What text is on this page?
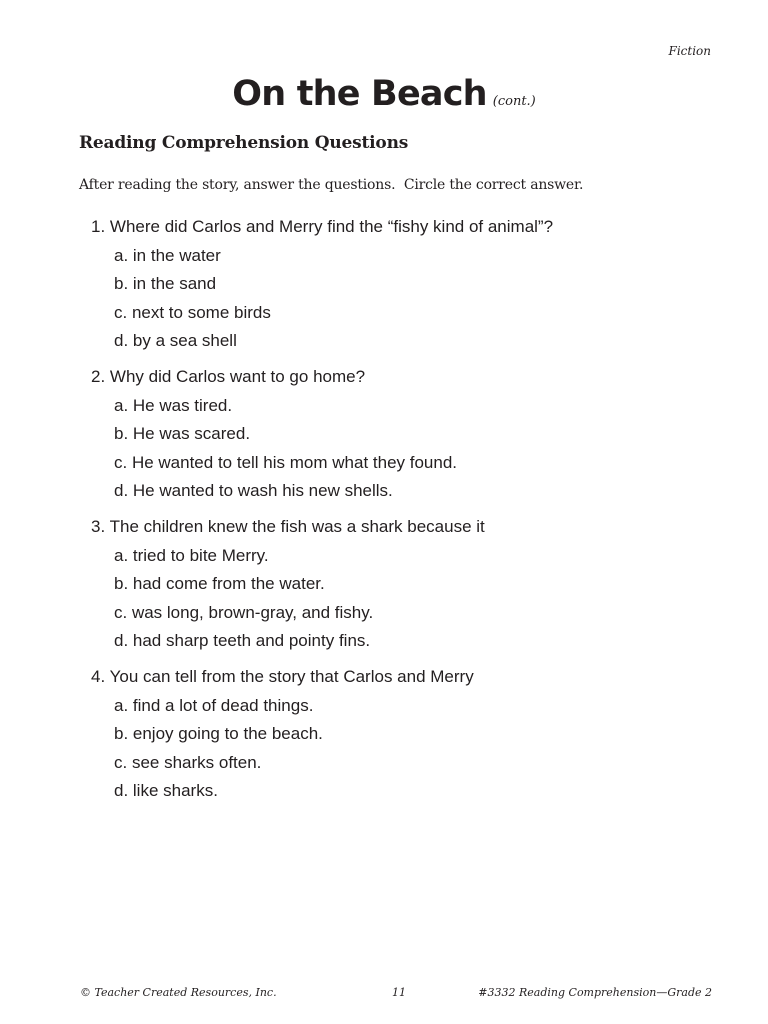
Fiction
On the Beach (cont.)
Reading Comprehension Questions
After reading the story, answer the questions.  Circle the correct answer.
1. Where did Carlos and Merry find the “fishy kind of animal”?
a. in the water
b. in the sand
c. next to some birds
d. by a sea shell
2. Why did Carlos want to go home?
a. He was tired.
b. He was scared.
c. He wanted to tell his mom what they found.
d. He wanted to wash his new shells.
3. The children knew the fish was a shark because it
a. tried to bite Merry.
b. had come from the water.
c. was long, brown-gray, and fishy.
d. had sharp teeth and pointy fins.
4. You can tell from the story that Carlos and Merry
a. find a lot of dead things.
b. enjoy going to the beach.
c. see sharks often.
d. like sharks.
© Teacher Created Resources, Inc.	11	#3332 Reading Comprehension—Grade 2
